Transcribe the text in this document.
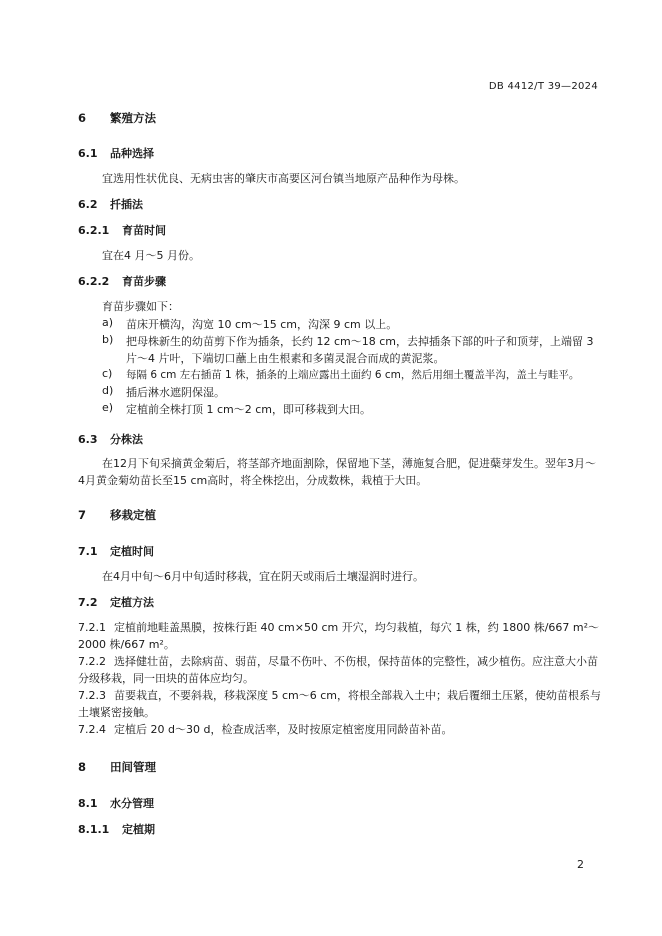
DB 4412/T 39—2024
6 繁殖方法
6.1 品种选择
宜选用性状优良、无病虫害的肇庆市高要区河台镇当地原产品种作为母株。
6.2 扦插法
6.2.1 育苗时间
宜在4 月～5 月份。
6.2.2 育苗步骤
育苗步骤如下：
a)	苗床开横沟，沟宽 10 cm～15 cm，沟深 9 cm 以上。
b)	把母株新生的幼苗剪下作为插条，长约 12 cm～18 cm，去掉插条下部的叶子和顶芽，上端留 3 片～4 片叶，下端切口蘸上由生根素和多菌灵混合而成的黄泥浆。
c)	每隔 6 cm 左右插苗 1 株，插条的上端应露出土面约 6 cm，然后用细土覆盖半沟，盖土与畦平。
d)	插后淋水遮阴保湿。
e)	定植前全株打顶 1 cm～2 cm，即可移栽到大田。
6.3 分株法
在12月下旬采摘黄金菊后，将茎部齐地面割除，保留地下茎，薄施复合肥，促进蘖芽发生。翌年3月～4月黄金菊幼苗长至15 cm高时，将全株挖出，分成数株，栽植于大田。
7 移栽定植
7.1 定植时间
在4月中旬～6月中旬适时移栽，宜在阴天或雨后土壤湿润时进行。
7.2 定植方法
7.2.1 定植前地畦盖黑膜，按株行距 40 cm×50 cm 开穴，均匀栽植，每穴 1 株，约 1800 株/667 m²～2000 株/667 m²。
7.2.2 选择健壮苗，去除病苗、弱苗，尽量不伤叶、不伤根，保持苗体的完整性，减少植伤。应注意大小苗分级移栽，同一田块的苗体应均匀。
7.2.3 苗要栽直，不要斜栽，移栽深度 5 cm～6 cm，将根全部栽入土中；栽后覆细土压紧，使幼苗根系与土壤紧密接触。
7.2.4 定植后 20 d～30 d，检查成活率，及时按原定植密度用同龄苗补苗。
8 田间管理
8.1 水分管理
8.1.1 定植期
2
